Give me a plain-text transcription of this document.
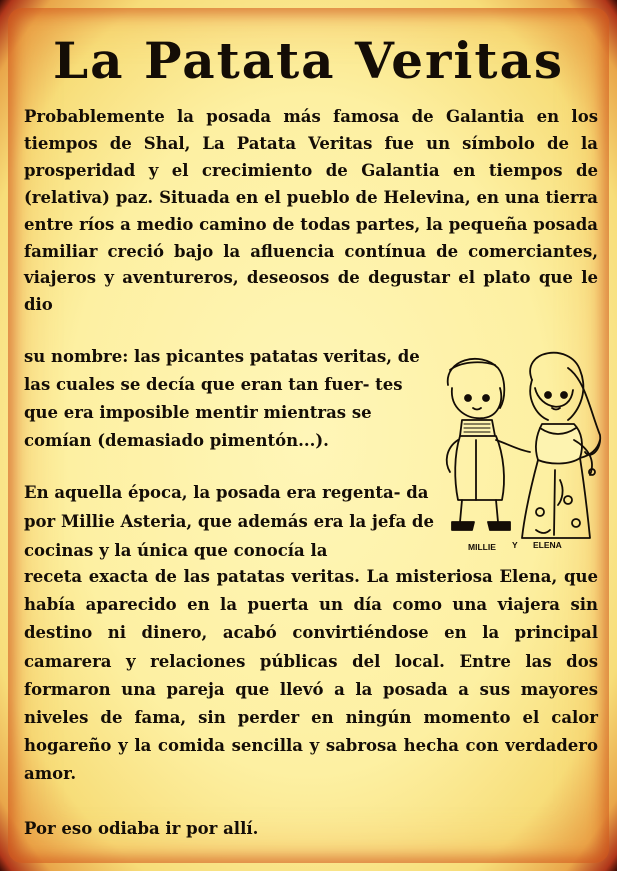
La Patata Veritas

Probablemente la posada más famosa de Galantia en los tiempos de Shal, La Patata Veritas fue un símbolo de la prosperidad y el crecimiento de Galantia en tiempos de (relativa) paz. Situada en el pueblo de Helevina, en una tierra entre ríos a medio camino de todas partes, la pequeña posada familiar creció bajo la afluencia contínua de comerciantes, viajeros y aventureros, deseosos de degustar el plato que le dio

su nombre: las picantes patatas veritas, de las cuales se decía que eran tan fuer- tes que era imposible mentir mientras se comían (demasiado pimentón...).

En aquella época, la posada era regenta- da por Millie Asteria, que además era la jefa de cocinas y la única que conocía la

receta exacta de las patatas veritas. La misteriosa Elena, que había aparecido en la puerta un día como una viajera sin destino ni dinero, acabó convirtiéndose en la principal camarera y relaciones públicas del local. Entre las dos formaron una pareja que llevó a la posada a sus mayores niveles de fama, sin perder en ningún momento el calor hogareño y la comida sencilla y sabrosa hecha con verdadero amor.

Por eso odiaba ir por allí.

MILLIE Y ELENA
